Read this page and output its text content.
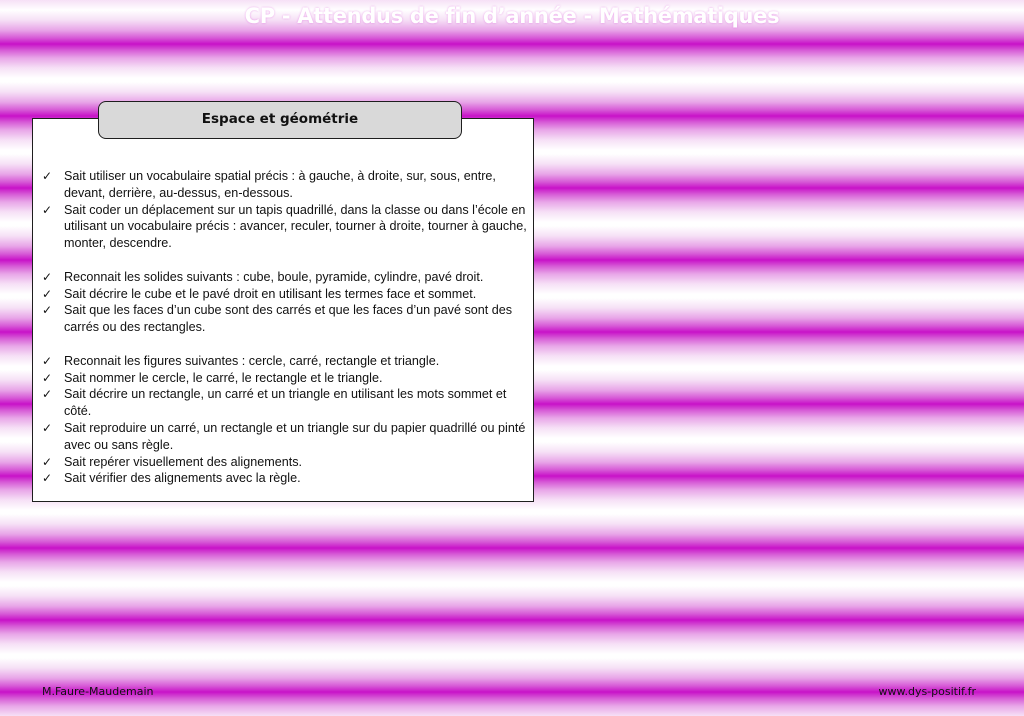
CP - Attendus de fin d’année - Mathématiques
Espace et géométrie
✓ Sait utiliser un vocabulaire spatial précis : à gauche, à droite, sur, sous, entre, devant, derrière, au-dessus, en-dessous.
✓ Sait coder un déplacement sur un tapis quadrillé, dans la classe ou dans l’école en utilisant un vocabulaire précis : avancer, reculer, tourner à droite, tourner à gauche, monter, descendre.
✓ Reconnait les solides suivants : cube, boule, pyramide, cylindre, pavé droit.
✓ Sait décrire le cube et le pavé droit en utilisant les termes face et sommet.
✓ Sait que les faces d’un cube sont des carrés et que les faces d’un pavé sont des carrés ou des rectangles.
✓ Reconnait les figures suivantes : cercle, carré, rectangle et triangle.
✓ Sait nommer le cercle, le carré, le rectangle et le triangle.
✓ Sait décrire un rectangle, un carré et un triangle en utilisant les mots sommet et côté.
✓ Sait reproduire un carré, un rectangle et un triangle sur du papier quadrillé ou pinté avec ou sans règle.
✓ Sait repérer visuellement des alignements.
✓ Sait vérifier des alignements avec la règle.
M.Faure-Maudemain	www.dys-positif.fr
